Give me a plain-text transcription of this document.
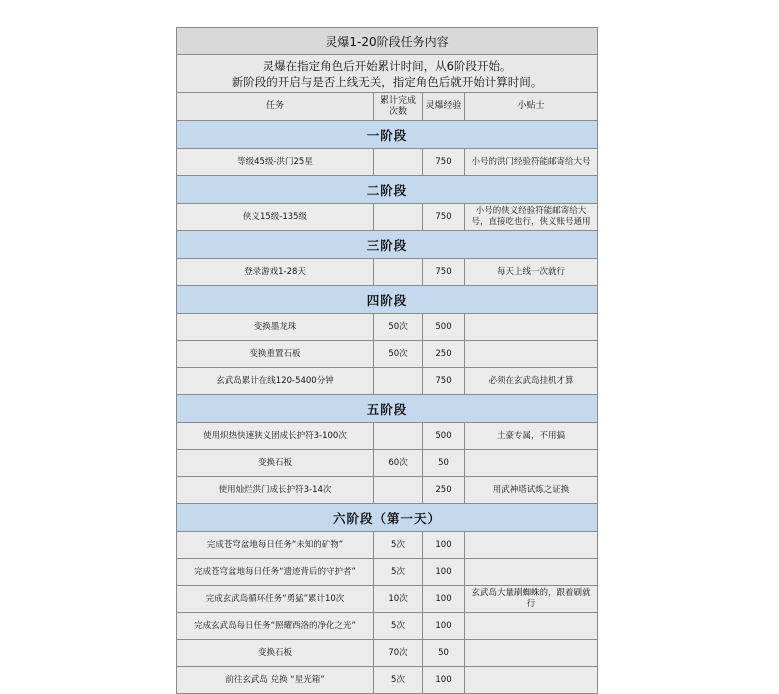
灵爆1-20阶段任务内容			

灵爆在指定角色后开始累计时间，从6阶段开始。
新阶段的开启与是否上线无关，指定角色后就开始计算时间。			

任务	累计完成次数	灵爆经验	小贴士
一阶段			
等级45级-洪门25星		750	小号的洪门经验符能邮寄给大号
二阶段			
侠义15级-135级		750	小号的侠义经验符能邮寄给大号，直接吃也行，侠义账号通用
三阶段			
登录游戏1-28天		750	每天上线一次就行
四阶段			
变换墨龙珠	50次	500	
变换重置石板	50次	250	
玄武岛累计在线120-5400分钟		750	必须在玄武岛挂机才算
五阶段			
使用炽热快速狭义团成长护符3-100次		500	土豪专属，不用搞
变换石板	60次	50	
使用灿烂洪门成长护符3-14次		250	用武神塔试炼之证换
六阶段（第一天）			
完成苍穹盆地每日任务“未知的矿物”	5次	100	
完成苍穹盆地每日任务“遗迹背后的守护者”	5次	100	
完成玄武岛循环任务“勇猛”累计10次	10次	100	玄武岛大量刷蜘蛛的，跟着刷就行
完成玄武岛每日任务“照耀西洛的净化之光”	5次	100	
变换石板	70次	50	
前往玄武岛 兑换 “星光箱”	5次	100	
